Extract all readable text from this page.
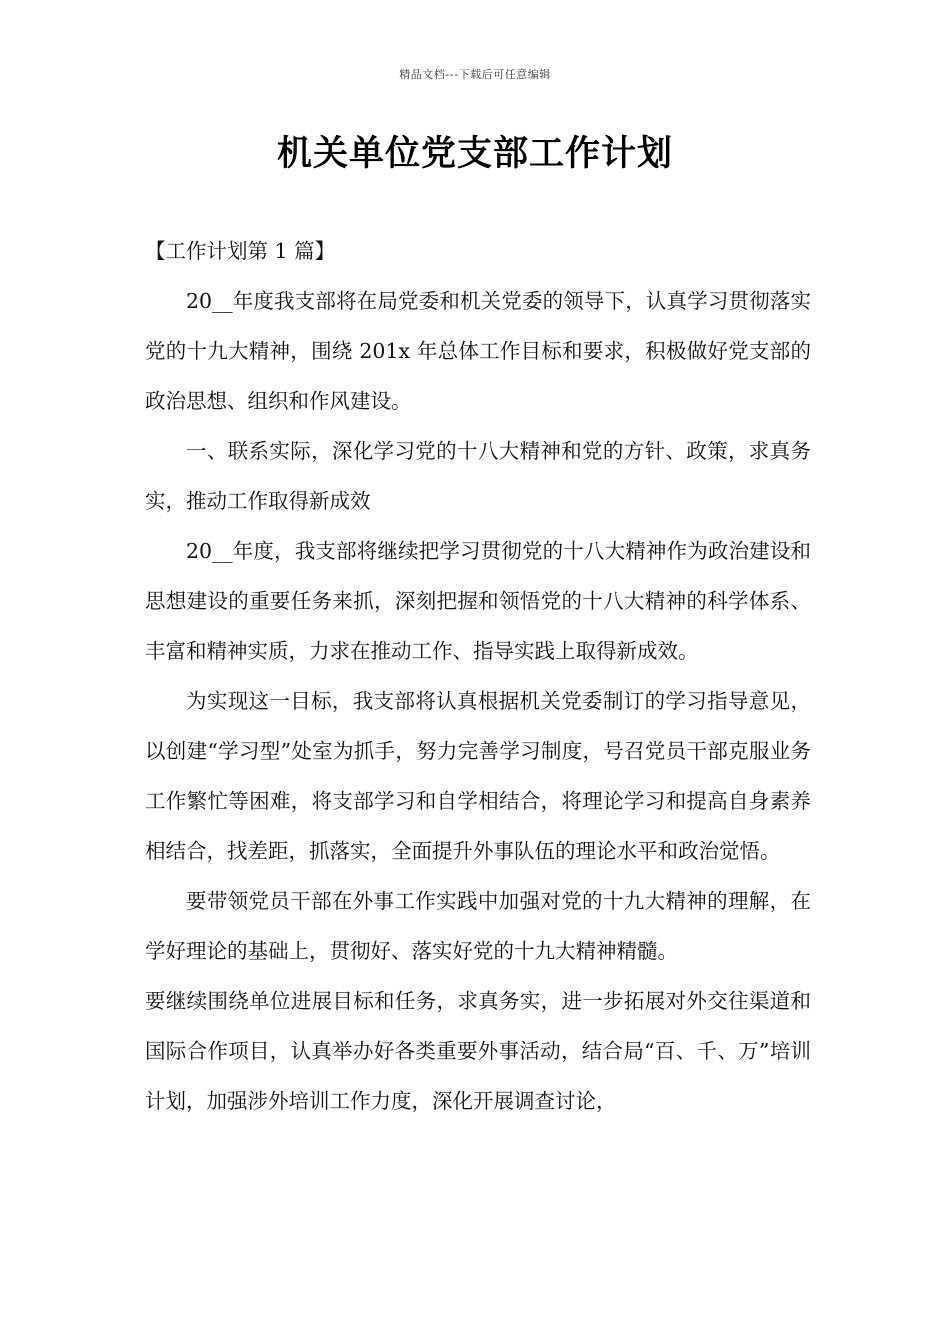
精品文档---下载后可任意编辑
机关单位党支部工作计划

【工作计划第 1 篇】

20__年度我支部将在局党委和机关党委的领导下，认真学习贯彻落实党的十九大精神，围绕 201x 年总体工作目标和要求，积极做好党支部的政治思想、组织和作风建设。

一、联系实际，深化学习党的十八大精神和党的方针、政策，求真务实，推动工作取得新成效

20__年度，我支部将继续把学习贯彻党的十八大精神作为政治建设和思想建设的重要任务来抓，深刻把握和领悟党的十八大精神的科学体系、丰富和精神实质，力求在推动工作、指导实践上取得新成效。

为实现这一目标，我支部将认真根据机关党委制订的学习指导意见，以创建“学习型”处室为抓手，努力完善学习制度，号召党员干部克服业务工作繁忙等困难，将支部学习和自学相结合，将理论学习和提高自身素养相结合，找差距，抓落实，全面提升外事队伍的理论水平和政治觉悟。

要带领党员干部在外事工作实践中加强对党的十九大精神的理解，在学好理论的基础上，贯彻好、落实好党的十九大精神精髓。

要继续围绕单位进展目标和任务，求真务实，进一步拓展对外交往渠道和国际合作项目，认真举办好各类重要外事活动，结合局“百、千、万”培训计划，加强涉外培训工作力度，深化开展调查讨论，
